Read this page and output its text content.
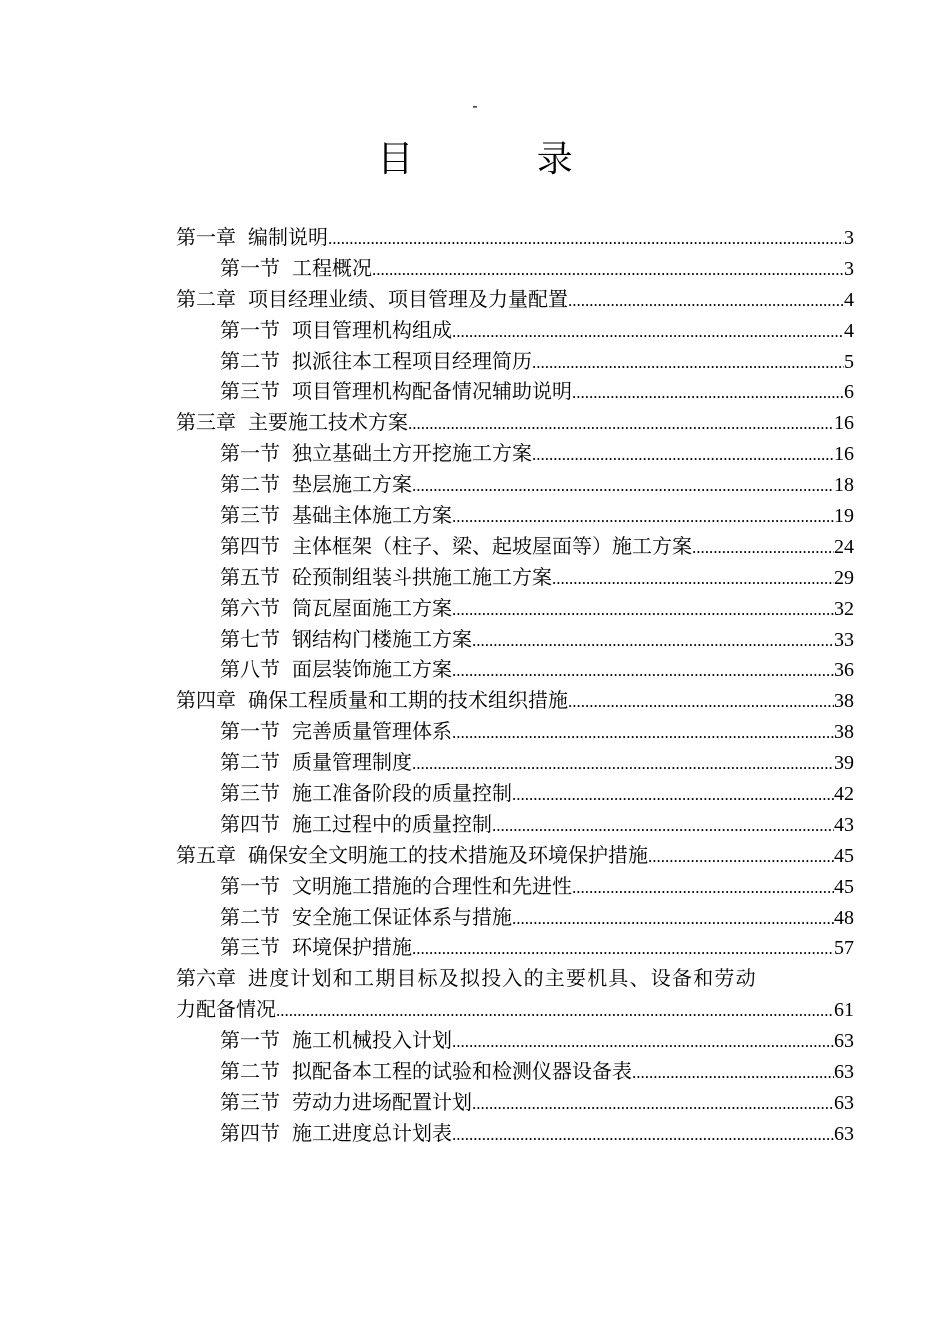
-
目 录
第一章 编制说明 .....	3
第一节 工程概况 .....	3
第二章 项目经理业绩、项目管理及力量配置 .....	4
第一节 项目管理机构组成 .....	4
第二节 拟派往本工程项目经理简历 .....	5
第三节 项目管理机构配备情况辅助说明 .....	6
第三章 主要施工技术方案 .....	16
第一节 独立基础土方开挖施工方案 .....	16
第二节 垫层施工方案 .....	18
第三节 基础主体施工方案 .....	19
第四节 主体框架（柱子、梁、起坡屋面等）施工方案 .....	24
第五节 砼预制组装斗拱施工施工方案 .....	29
第六节 筒瓦屋面施工方案 .....	32
第七节 钢结构门楼施工方案 .....	33
第八节 面层装饰施工方案 .....	36
第四章 确保工程质量和工期的技术组织措施 .....	38
第一节 完善质量管理体系 .....	38
第二节 质量管理制度 .....	39
第三节 施工准备阶段的质量控制 .....	42
第四节 施工过程中的质量控制 .....	43
第五章 确保安全文明施工的技术措施及环境保护措施 .....	45
第一节 文明施工措施的合理性和先进性 .....	45
第二节 安全施工保证体系与措施 .....	48
第三节 环境保护措施 .....	57
第六章 进度计划和工期目标及拟投入的主要机具、设备和劳动
力配备情况 .....	61
第一节 施工机械投入计划 .....	63
第二节 拟配备本工程的试验和检测仪器设备表 .....	63
第三节 劳动力进场配置计划 .....	63
第四节 施工进度总计划表 .....	63
